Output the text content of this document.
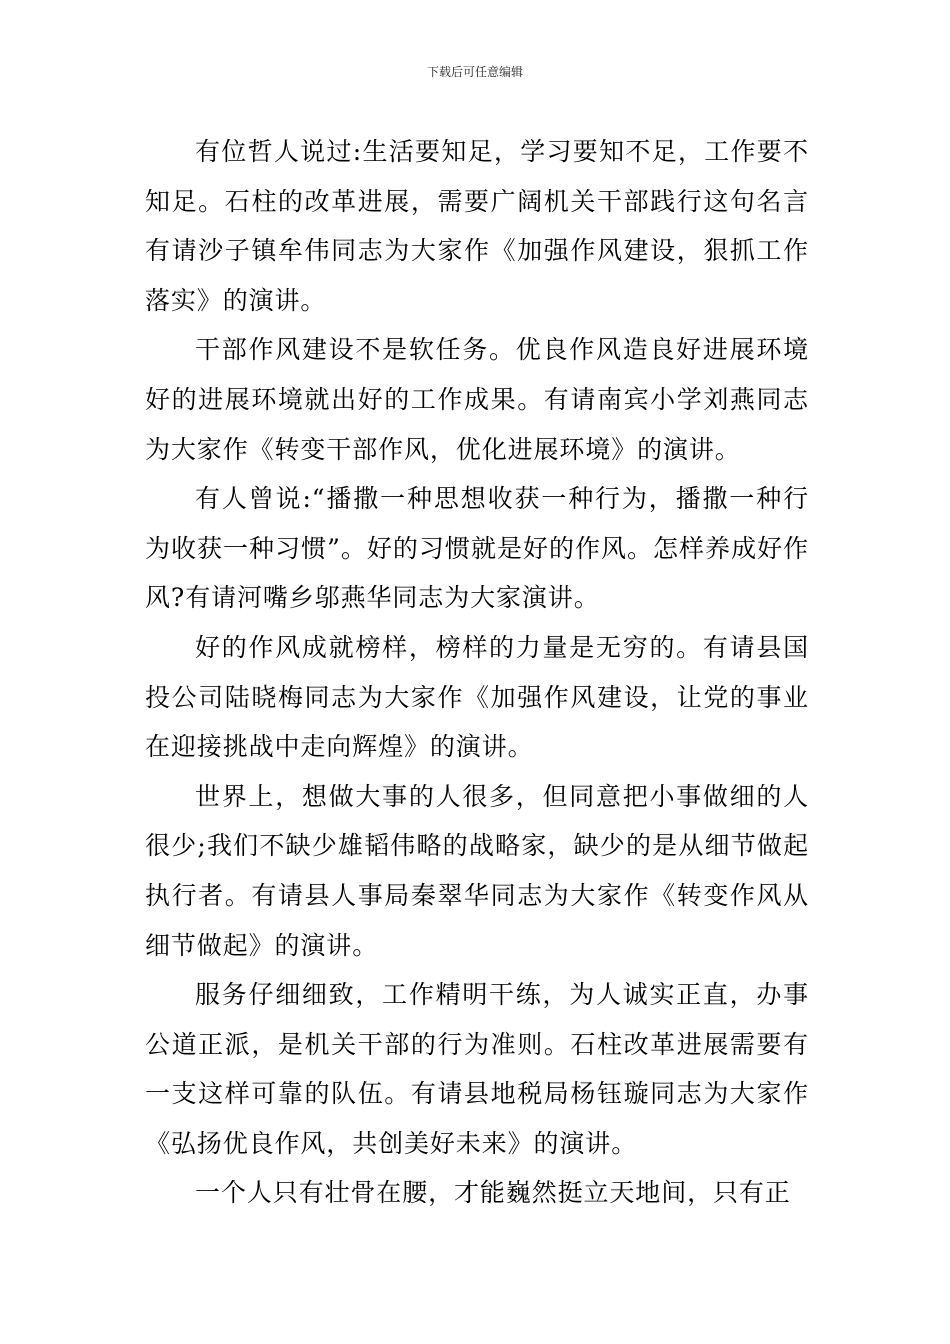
下载后可任意编辑

有位哲人说过:生活要知足，学习要知不足，工作要不知足。石柱的改革进展，需要广阔机关干部践行这句名言有请沙子镇牟伟同志为大家作《加强作风建设，狠抓工作落实》的演讲。

干部作风建设不是软任务。优良作风造良好进展环境好的进展环境就出好的工作成果。有请南宾小学刘燕同志为大家作《转变干部作风，优化进展环境》的演讲。

有人曾说:“播撒一种思想收获一种行为，播撒一种行为收获一种习惯”。好的习惯就是好的作风。怎样养成好作风?有请河嘴乡邬燕华同志为大家演讲。

好的作风成就榜样，榜样的力量是无穷的。有请县国投公司陆晓梅同志为大家作《加强作风建设，让党的事业在迎接挑战中走向辉煌》的演讲。

世界上，想做大事的人很多，但同意把小事做细的人很少;我们不缺少雄韬伟略的战略家，缺少的是从细节做起执行者。有请县人事局秦翠华同志为大家作《转变作风从细节做起》的演讲。

服务仔细细致，工作精明干练，为人诚实正直，办事公道正派，是机关干部的行为准则。石柱改革进展需要有一支这样可靠的队伍。有请县地税局杨钰璇同志为大家作《弘扬优良作风，共创美好未来》的演讲。

一个人只有壮骨在腰，才能巍然挺立天地间，只有正
